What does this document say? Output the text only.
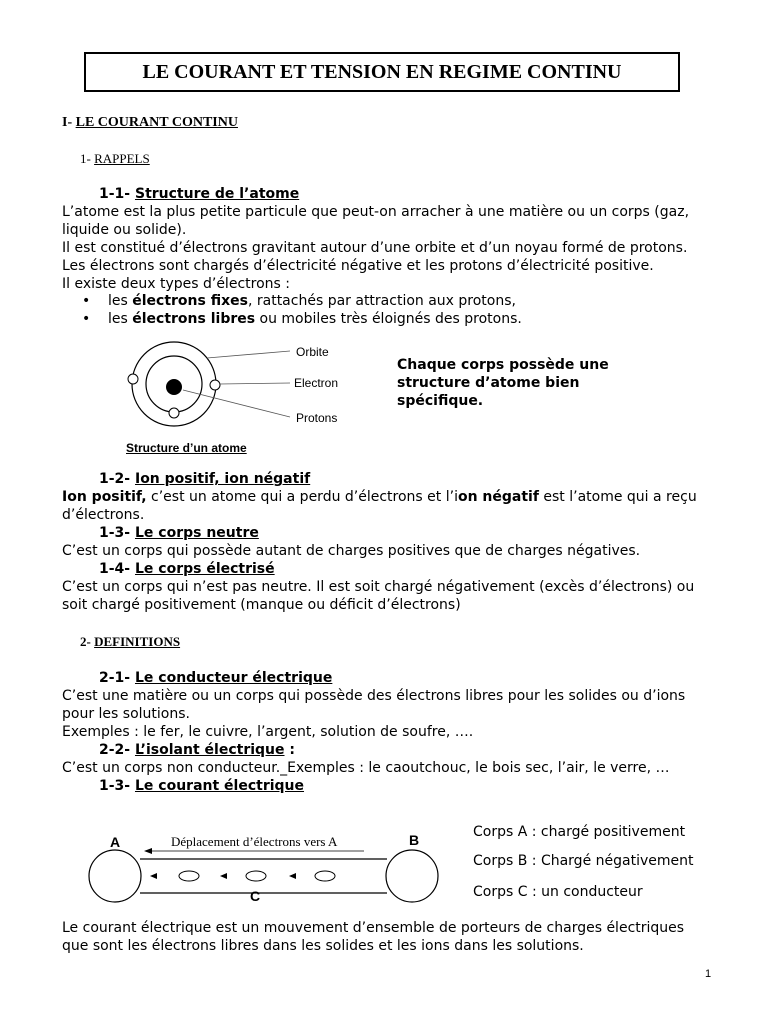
LE COURANT ET TENSION EN REGIME CONTINU
I- LE COURANT CONTINU
1- RAPPELS
1-1- Structure de l’atome
L’atome est la plus petite particule que peut-on arracher à une matière ou un corps (gaz,
liquide ou solide).
Il est constitué d’électrons gravitant autour d’une orbite et d’un noyau formé de protons.
Les électrons sont chargés d’électricité négative et les protons d’électricité positive.
Il existe deux types d’électrons :
• les électrons fixes, rattachés par attraction aux protons,
• les électrons libres ou mobiles très éloignés des protons.
Orbite
Electron
Protons
Structure d’un atome
Chaque corps possède une
structure d’atome bien
spécifique.
1-2- Ion positif, ion négatif
Ion positif, c’est un atome qui a perdu d’électrons et l’ion négatif est l’atome qui a reçu
d’électrons.
1-3- Le corps neutre
C’est un corps qui possède autant de charges positives que de charges négatives.
1-4- Le corps électrisé
C’est un corps qui n’est pas neutre. Il est soit chargé négativement (excès d’électrons) ou
soit chargé positivement (manque ou déficit d’électrons)
2- DEFINITIONS
2-1- Le conducteur électrique
C’est une matière ou un corps qui possède des électrons libres pour les solides ou d’ions
pour les solutions.
Exemples : le fer, le cuivre, l’argent, solution de soufre, ….
2-2- L’isolant électrique :
C’est un corps non conducteur._Exemples : le caoutchouc, le bois sec, l’air, le verre, …
1-3- Le courant électrique
A	B
C
Déplacement d’électrons vers A
Corps A : chargé positivement
Corps B : Chargé négativement
Corps C : un conducteur
Le courant électrique est un mouvement d’ensemble de porteurs de charges électriques
que sont les électrons libres dans les solides et les ions dans les solutions.
1
